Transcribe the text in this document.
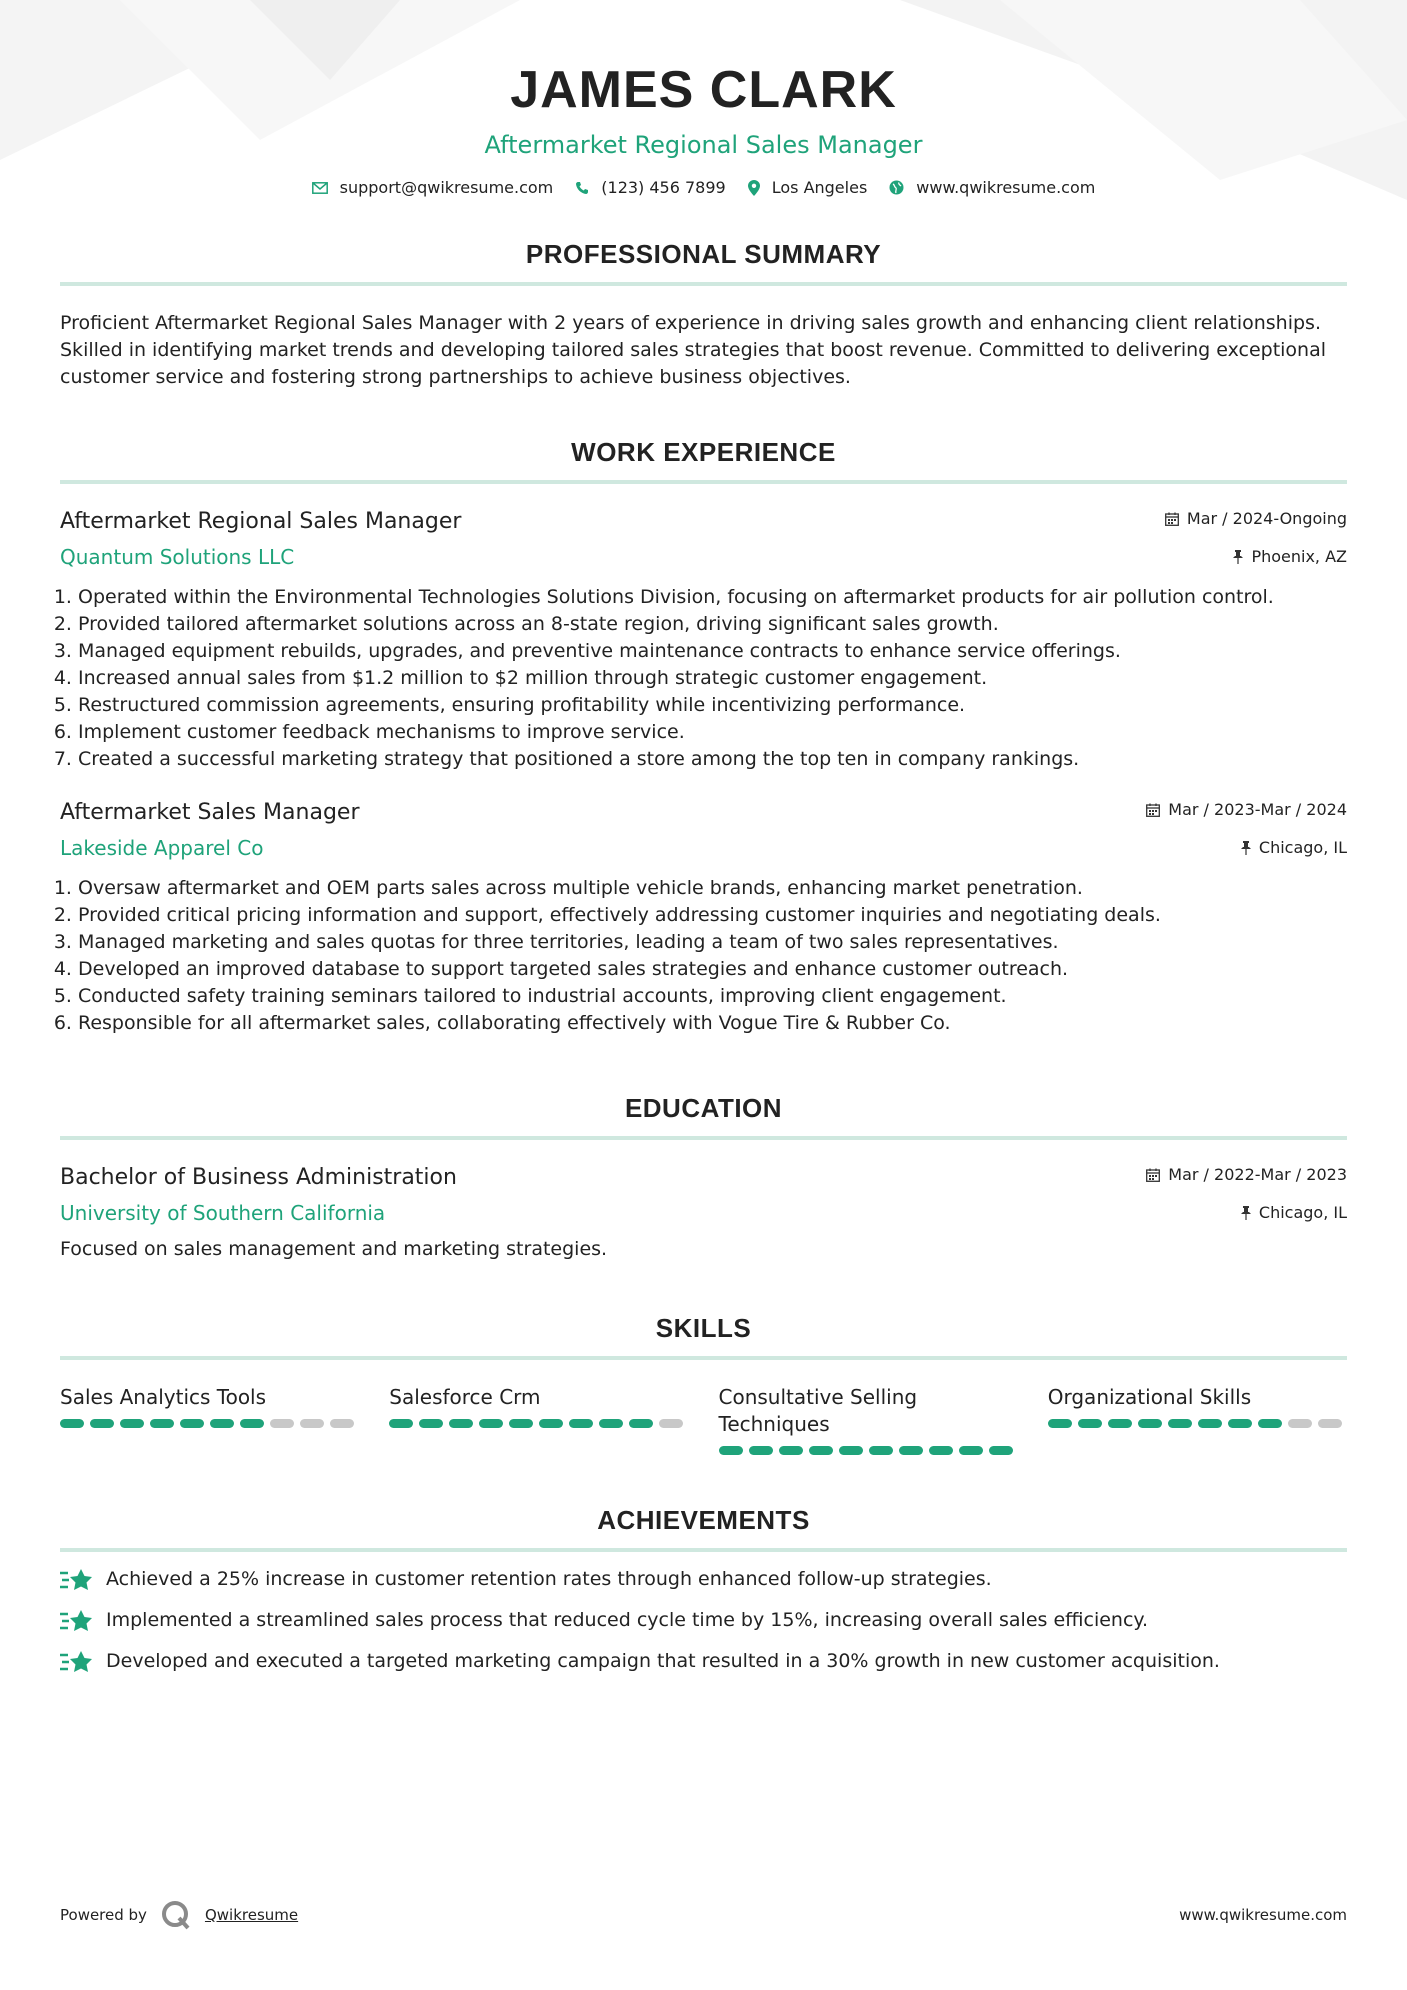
JAMES CLARK
Aftermarket Regional Sales Manager
support@qwikresume.com	(123) 456 7899	Los Angeles	www.qwikresume.com
PROFESSIONAL SUMMARY

Proficient Aftermarket Regional Sales Manager with 2 years of experience in driving sales growth and enhancing client relationships. Skilled in identifying market trends and developing tailored sales strategies that boost revenue. Committed to delivering exceptional customer service and fostering strong partnerships to achieve business objectives.

WORK EXPERIENCE
Aftermarket Regional Sales Manager	Mar / 2024-Ongoing
Quantum Solutions LLC	Phoenix, AZ
1. Operated within the Environmental Technologies Solutions Division, focusing on aftermarket products for air pollution control.
2. Provided tailored aftermarket solutions across an 8-state region, driving significant sales growth.
3. Managed equipment rebuilds, upgrades, and preventive maintenance contracts to enhance service offerings.
4. Increased annual sales from $1.2 million to $2 million through strategic customer engagement.
5. Restructured commission agreements, ensuring profitability while incentivizing performance.
6. Implement customer feedback mechanisms to improve service.
7. Created a successful marketing strategy that positioned a store among the top ten in company rankings.
Aftermarket Sales Manager	Mar / 2023-Mar / 2024
Lakeside Apparel Co	Chicago, IL
1. Oversaw aftermarket and OEM parts sales across multiple vehicle brands, enhancing market penetration.
2. Provided critical pricing information and support, effectively addressing customer inquiries and negotiating deals.
3. Managed marketing and sales quotas for three territories, leading a team of two sales representatives.
4. Developed an improved database to support targeted sales strategies and enhance customer outreach.
5. Conducted safety training seminars tailored to industrial accounts, improving client engagement.
6. Responsible for all aftermarket sales, collaborating effectively with Vogue Tire & Rubber Co.
EDUCATION
Bachelor of Business Administration	Mar / 2022-Mar / 2023
University of Southern California	Chicago, IL

Focused on sales management and marketing strategies.

SKILLS
Sales Analytics Tools	Salesforce Crm	Consultative Selling Techniques
Organizational Skills
ACHIEVEMENTS
Achieved a 25% increase in customer retention rates through enhanced follow-up strategies.
Implemented a streamlined sales process that reduced cycle time by 15%, increasing overall sales efficiency.
Developed and executed a targeted marketing campaign that resulted in a 30% growth in new customer acquisition.
Powered by	Qwikresume	www.qwikresume.com
